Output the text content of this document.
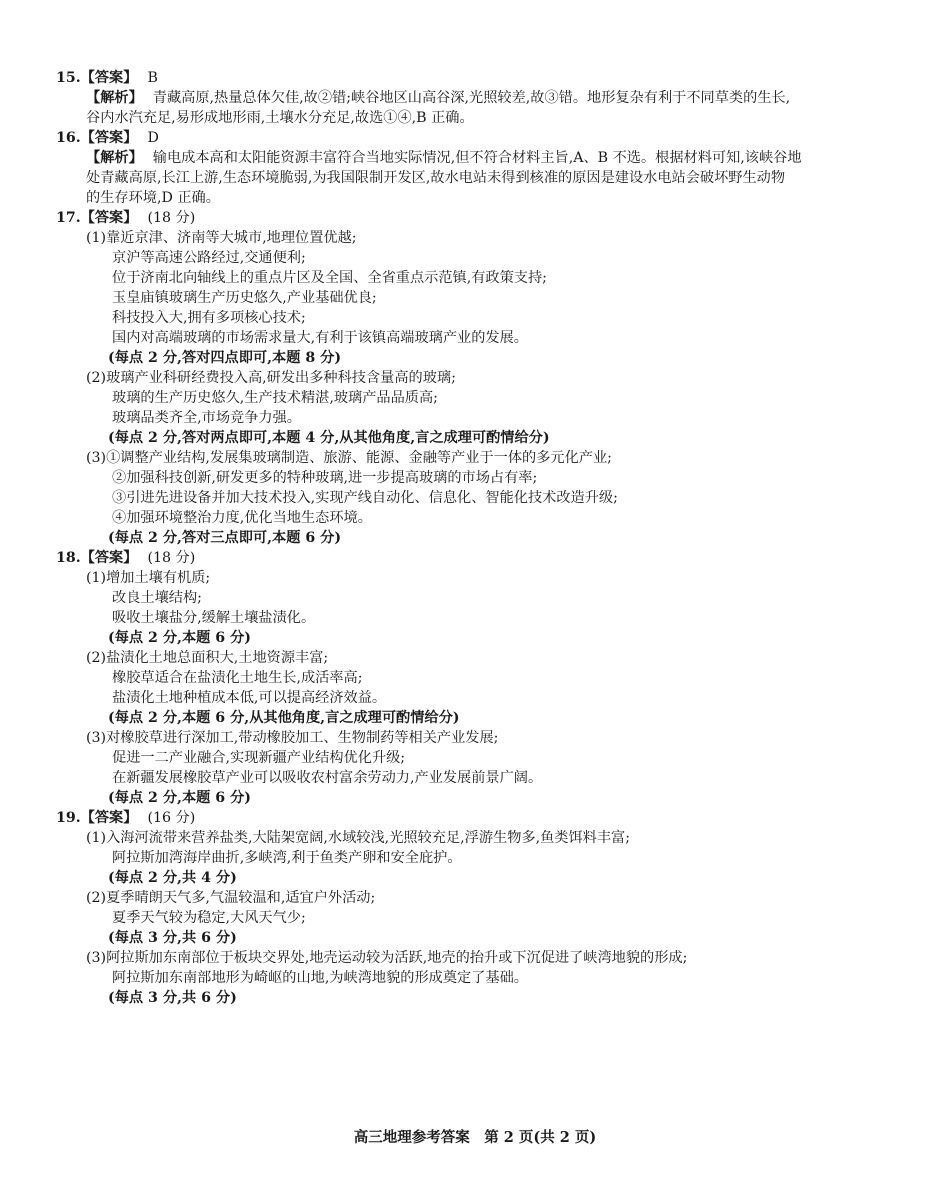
15.【答案】 B
【解析】 青藏高原,热量总体欠佳,故②错;峡谷地区山高谷深,光照较差,故③错。地形复杂有利于不同草类的生长,
谷内水汽充足,易形成地形雨,土壤水分充足,故选①④,B 正确。
16.【答案】 D
【解析】 输电成本高和太阳能资源丰富符合当地实际情况,但不符合材料主旨,A、B 不选。根据材料可知,该峡谷地
处青藏高原,长江上游,生态环境脆弱,为我国限制开发区,故水电站未得到核准的原因是建设水电站会破坏野生动物
的生存环境,D 正确。
17.【答案】 (18 分)
(1)靠近京津、济南等大城市,地理位置优越;
京沪等高速公路经过,交通便利;
位于济南北向轴线上的重点片区及全国、全省重点示范镇,有政策支持;
玉皇庙镇玻璃生产历史悠久,产业基础优良;
科技投入大,拥有多项核心技术;
国内对高端玻璃的市场需求量大,有利于该镇高端玻璃产业的发展。
(每点 2 分,答对四点即可,本题 8 分)
(2)玻璃产业科研经费投入高,研发出多种科技含量高的玻璃;
玻璃的生产历史悠久,生产技术精湛,玻璃产品品质高;
玻璃品类齐全,市场竞争力强。
(每点 2 分,答对两点即可,本题 4 分,从其他角度,言之成理可酌情给分)
(3)①调整产业结构,发展集玻璃制造、旅游、能源、金融等产业于一体的多元化产业;
②加强科技创新,研发更多的特种玻璃,进一步提高玻璃的市场占有率;
③引进先进设备并加大技术投入,实现产线自动化、信息化、智能化技术改造升级;
④加强环境整治力度,优化当地生态环境。
(每点 2 分,答对三点即可,本题 6 分)
18.【答案】 (18 分)
(1)增加土壤有机质;
改良土壤结构;
吸收土壤盐分,缓解土壤盐渍化。
(每点 2 分,本题 6 分)
(2)盐渍化土地总面积大,土地资源丰富;
橡胶草适合在盐渍化土地生长,成活率高;
盐渍化土地种植成本低,可以提高经济效益。
(每点 2 分,本题 6 分,从其他角度,言之成理可酌情给分)
(3)对橡胶草进行深加工,带动橡胶加工、生物制药等相关产业发展;
促进一二产业融合,实现新疆产业结构优化升级;
在新疆发展橡胶草产业可以吸收农村富余劳动力,产业发展前景广阔。
(每点 2 分,本题 6 分)
19.【答案】 (16 分)
(1)入海河流带来营养盐类,大陆架宽阔,水域较浅,光照较充足,浮游生物多,鱼类饵料丰富;
阿拉斯加湾海岸曲折,多峡湾,利于鱼类产卵和安全庇护。
(每点 2 分,共 4 分)
(2)夏季晴朗天气多,气温较温和,适宜户外活动;
夏季天气较为稳定,大风天气少;
(每点 3 分,共 6 分)
(3)阿拉斯加东南部位于板块交界处,地壳运动较为活跃,地壳的抬升或下沉促进了峡湾地貌的形成;
阿拉斯加东南部地形为崎岖的山地,为峡湾地貌的形成奠定了基础。
(每点 3 分,共 6 分)
高三地理参考答案　第 2 页(共 2 页)
